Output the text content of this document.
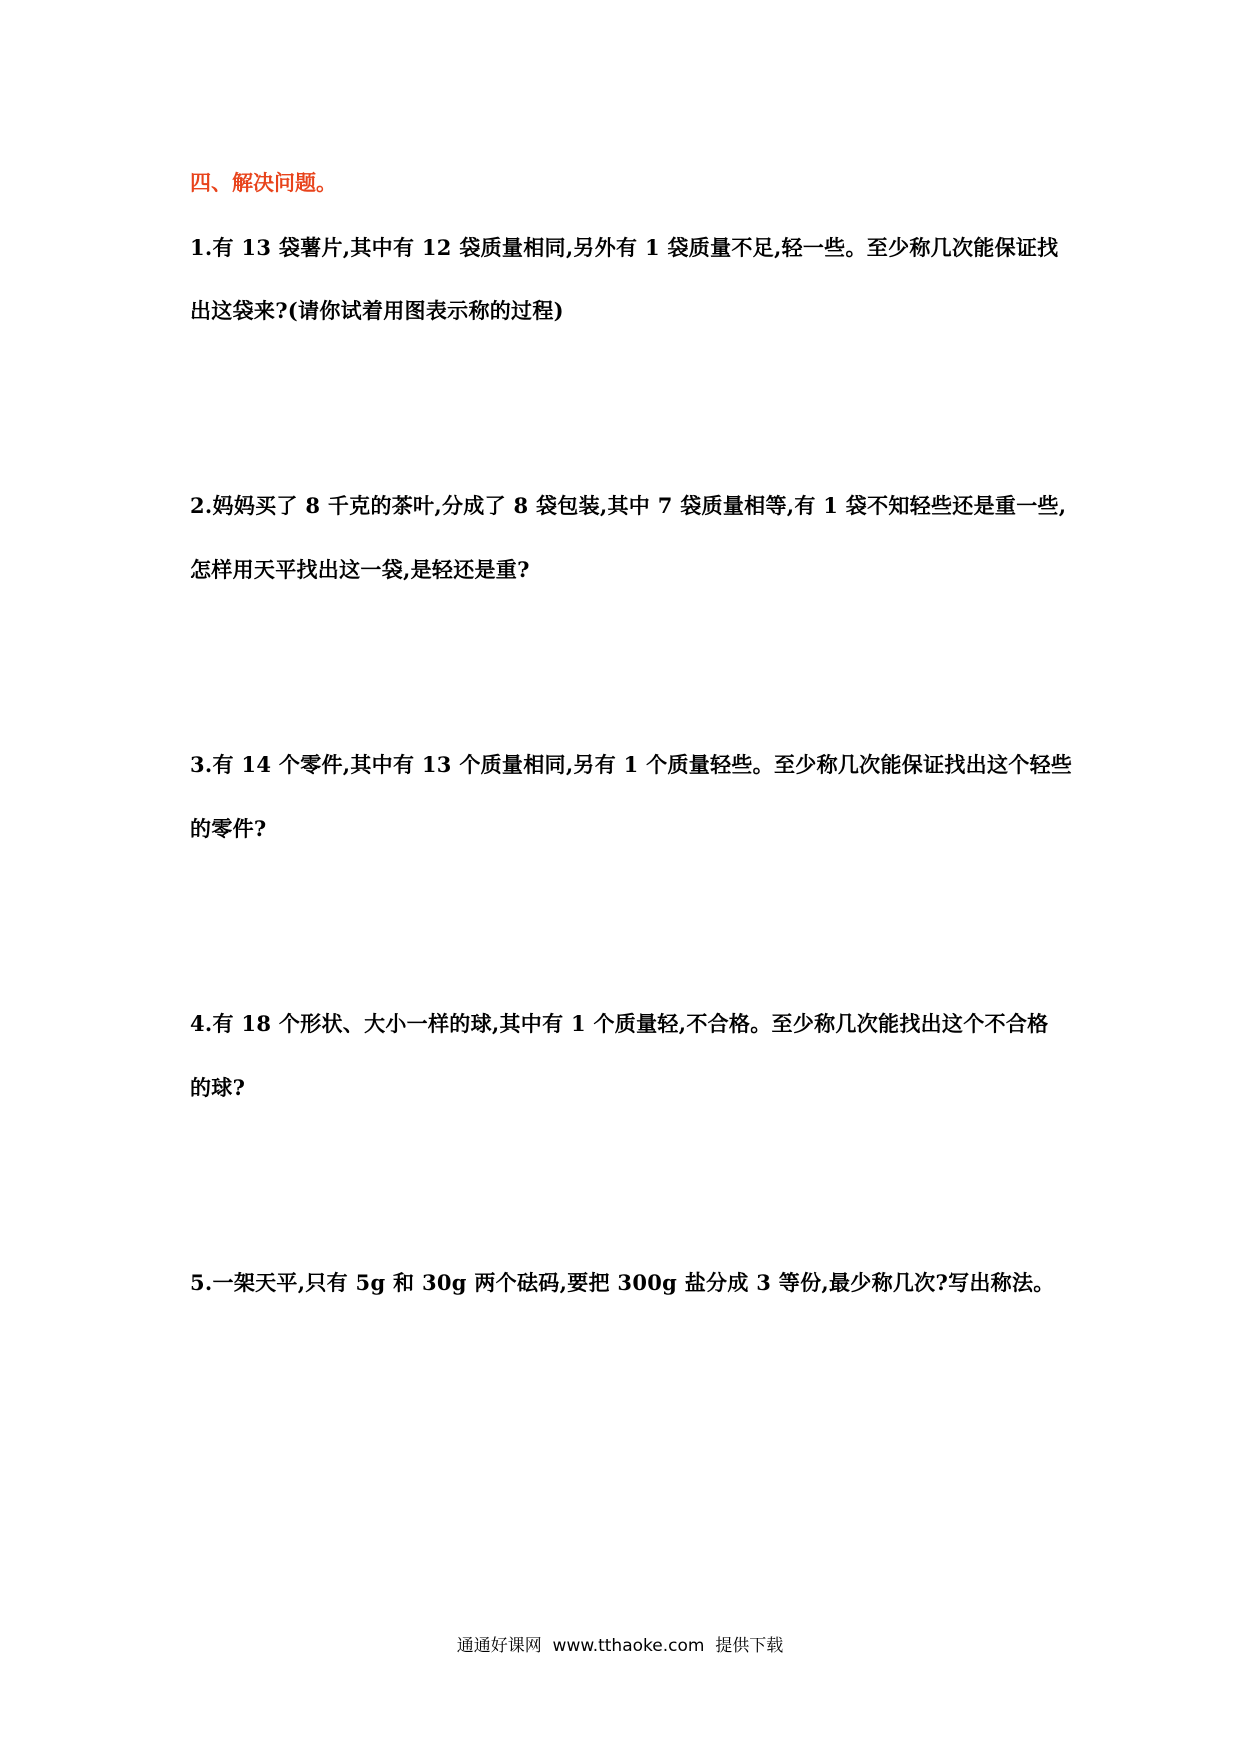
四、解决问题。
1.有 13 袋薯片,其中有 12 袋质量相同,另外有 1 袋质量不足,轻一些。至少称几次能保证找
出这袋来?(请你试着用图表示称的过程)
2.妈妈买了 8 千克的茶叶,分成了 8 袋包装,其中 7 袋质量相等,有 1 袋不知轻些还是重一些,
怎样用天平找出这一袋,是轻还是重?
3.有 14 个零件,其中有 13 个质量相同,另有 1 个质量轻些。至少称几次能保证找出这个轻些
的零件?
4.有 18 个形状、大小一样的球,其中有 1 个质量轻,不合格。至少称几次能找出这个不合格
的球?
5.一架天平,只有 5g 和 30g 两个砝码,要把 300g 盐分成 3 等份,最少称几次?写出称法。
通通好课网  www.tthaoke.com  提供下载
